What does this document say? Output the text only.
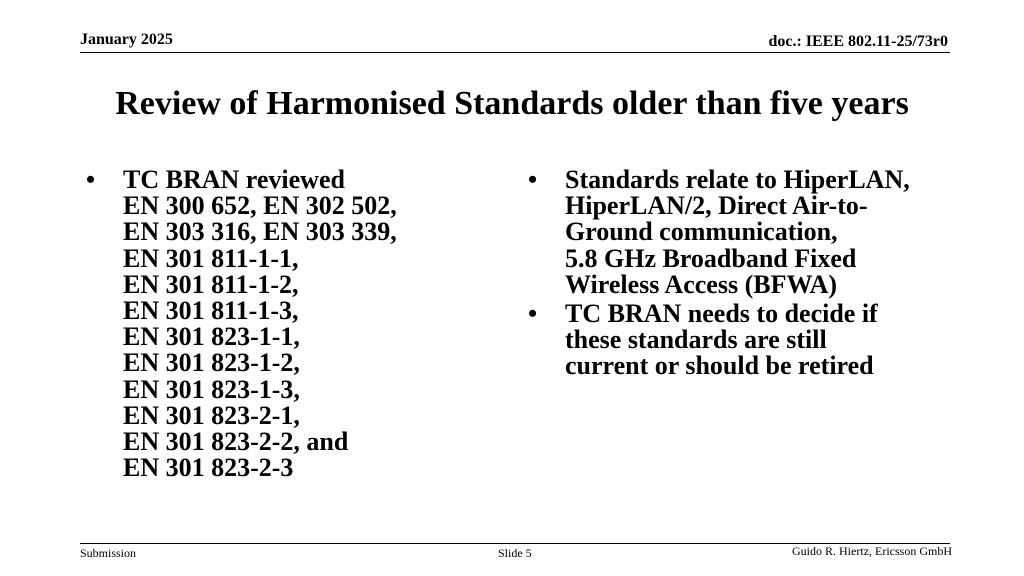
January 2025	doc.: IEEE 802.11-25/73r0
Review of Harmonised Standards older than five years
• TC BRAN reviewed
EN 300 652, EN 302 502,
EN 303 316, EN 303 339,
EN 301 811-1-1,
EN 301 811-1-2,
EN 301 811-1-3,
EN 301 823-1-1,
EN 301 823-1-2,
EN 301 823-1-3,
EN 301 823-2-1,
EN 301 823-2-2, and
EN 301 823-2-3
• Standards relate to HiperLAN,
HiperLAN/2, Direct Air-to-
Ground communication,
5.8 GHz Broadband Fixed
Wireless Access (BFWA)
• TC BRAN needs to decide if
these standards are still
current or should be retired
Submission	Slide 5	Guido R. Hiertz, Ericsson GmbH
